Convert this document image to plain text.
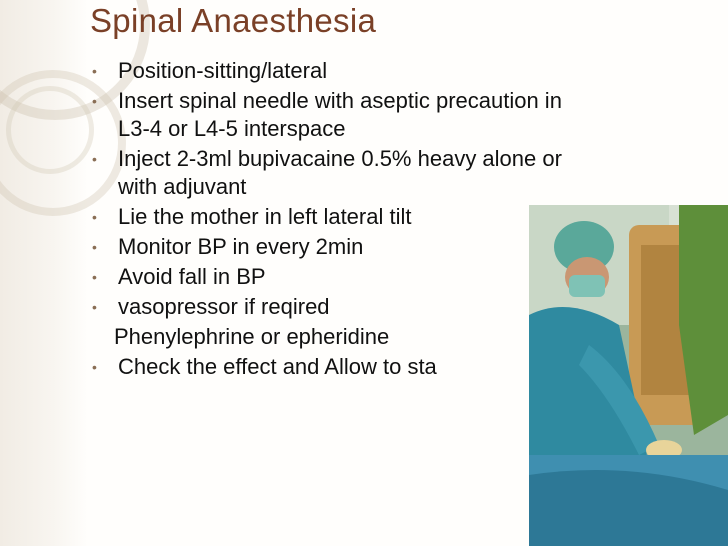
Spinal Anaesthesia
• Position-sitting/lateral
• Insert spinal needle with aseptic precaution in
L3-4 or L4-5 interspace
• Inject 2-3ml bupivacaine 0.5% heavy alone or
with adjuvant
• Lie the mother in left lateral tilt
• Monitor BP in every 2min
• Avoid fall in BP
• vasopressor if reqired
Phenylephrine or epheridine
• Check the effect and Allow to sta
